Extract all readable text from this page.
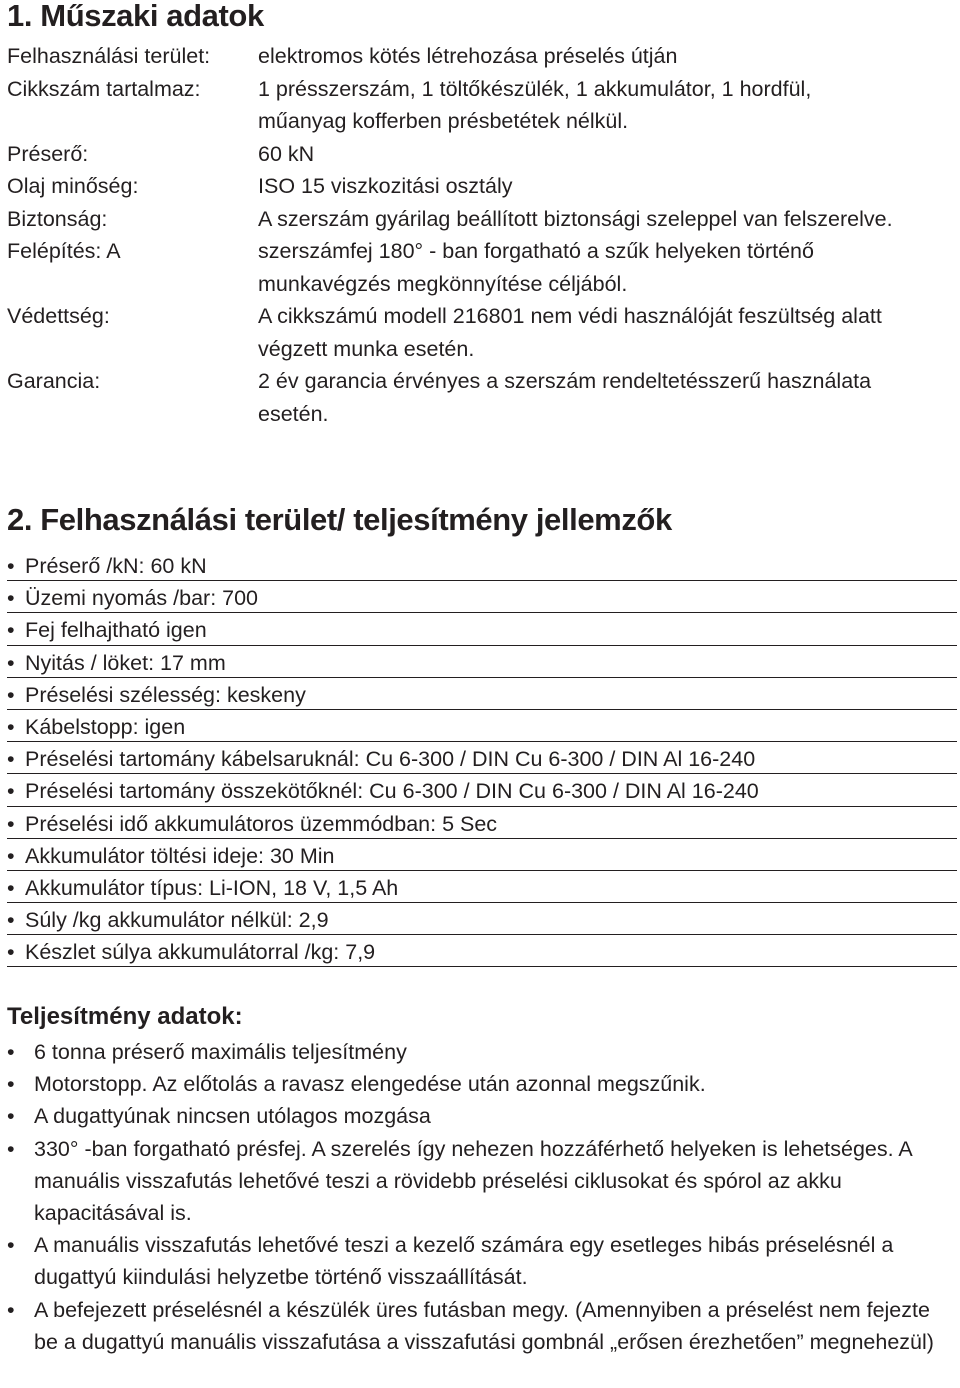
1. Műszaki adatok
Felhasználási terület:	elektromos kötés létrehozása préselés útján
Cikkszám tartalmaz:	1 présszerszám, 1 töltőkészülék, 1 akkumulátor, 1 hordfül, műanyag kofferben présbetétek nélkül.
Préserő:	60 kN
Olaj minőség:	ISO 15 viszkozitási osztály
Biztonság:	A szerszám gyárilag beállított biztonsági szeleppel van felszerelve.
Felépítés: A	szerszámfej 180° - ban forgatható a szűk helyeken történő munkavégzés megkönnyítése céljából.
Védettség:	A cikkszámú modell 216801 nem védi használóját feszültség alatt végzett munka esetén.
Garancia:	2 év garancia érvényes a szerszám rendeltetésszerű használata esetén.
2. Felhasználási terület/ teljesítmény jellemzők
• Préserő /kN: 60 kN
• Üzemi nyomás /bar: 700
• Fej felhajtható igen
• Nyitás / löket: 17 mm
• Préselési szélesség: keskeny
• Kábelstopp: igen
• Préselési tartomány kábelsaruknál: Cu 6-300 / DIN Cu 6-300 / DIN Al 16-240
• Préselési tartomány összekötőknél: Cu 6-300 / DIN Cu 6-300 / DIN Al 16-240
• Préselési idő akkumulátoros üzemmódban: 5 Sec
• Akkumulátor töltési ideje: 30 Min
• Akkumulátor típus: Li-ION, 18 V, 1,5 Ah
• Súly /kg akkumulátor nélkül: 2,9
• Készlet súlya akkumulátorral /kg: 7,9
Teljesítmény adatok:
• 6 tonna préserő maximális teljesítmény
• Motorstopp. Az előtolás a ravasz elengedése után azonnal megszűnik.
• A dugattyúnak nincsen utólagos mozgása
• 330° -ban forgatható présfej. A szerelés így nehezen hozzáférhető helyeken is lehetséges. A manuális visszafutás lehetővé teszi a rövidebb préselési ciklusokat és spórol az akku kapacitásával is.
• A manuális visszafutás lehetővé teszi a kezelő számára egy esetleges hibás préselésnél a dugattyú kiindulási helyzetbe történő visszaállítását.
• A befejezett préselésnél a készülék üres futásban megy. (Amennyiben a préselést nem fejezte be a dugattyú manuális visszafutása a visszafutási gombnál „erősen érezhetően” megnehezül)
